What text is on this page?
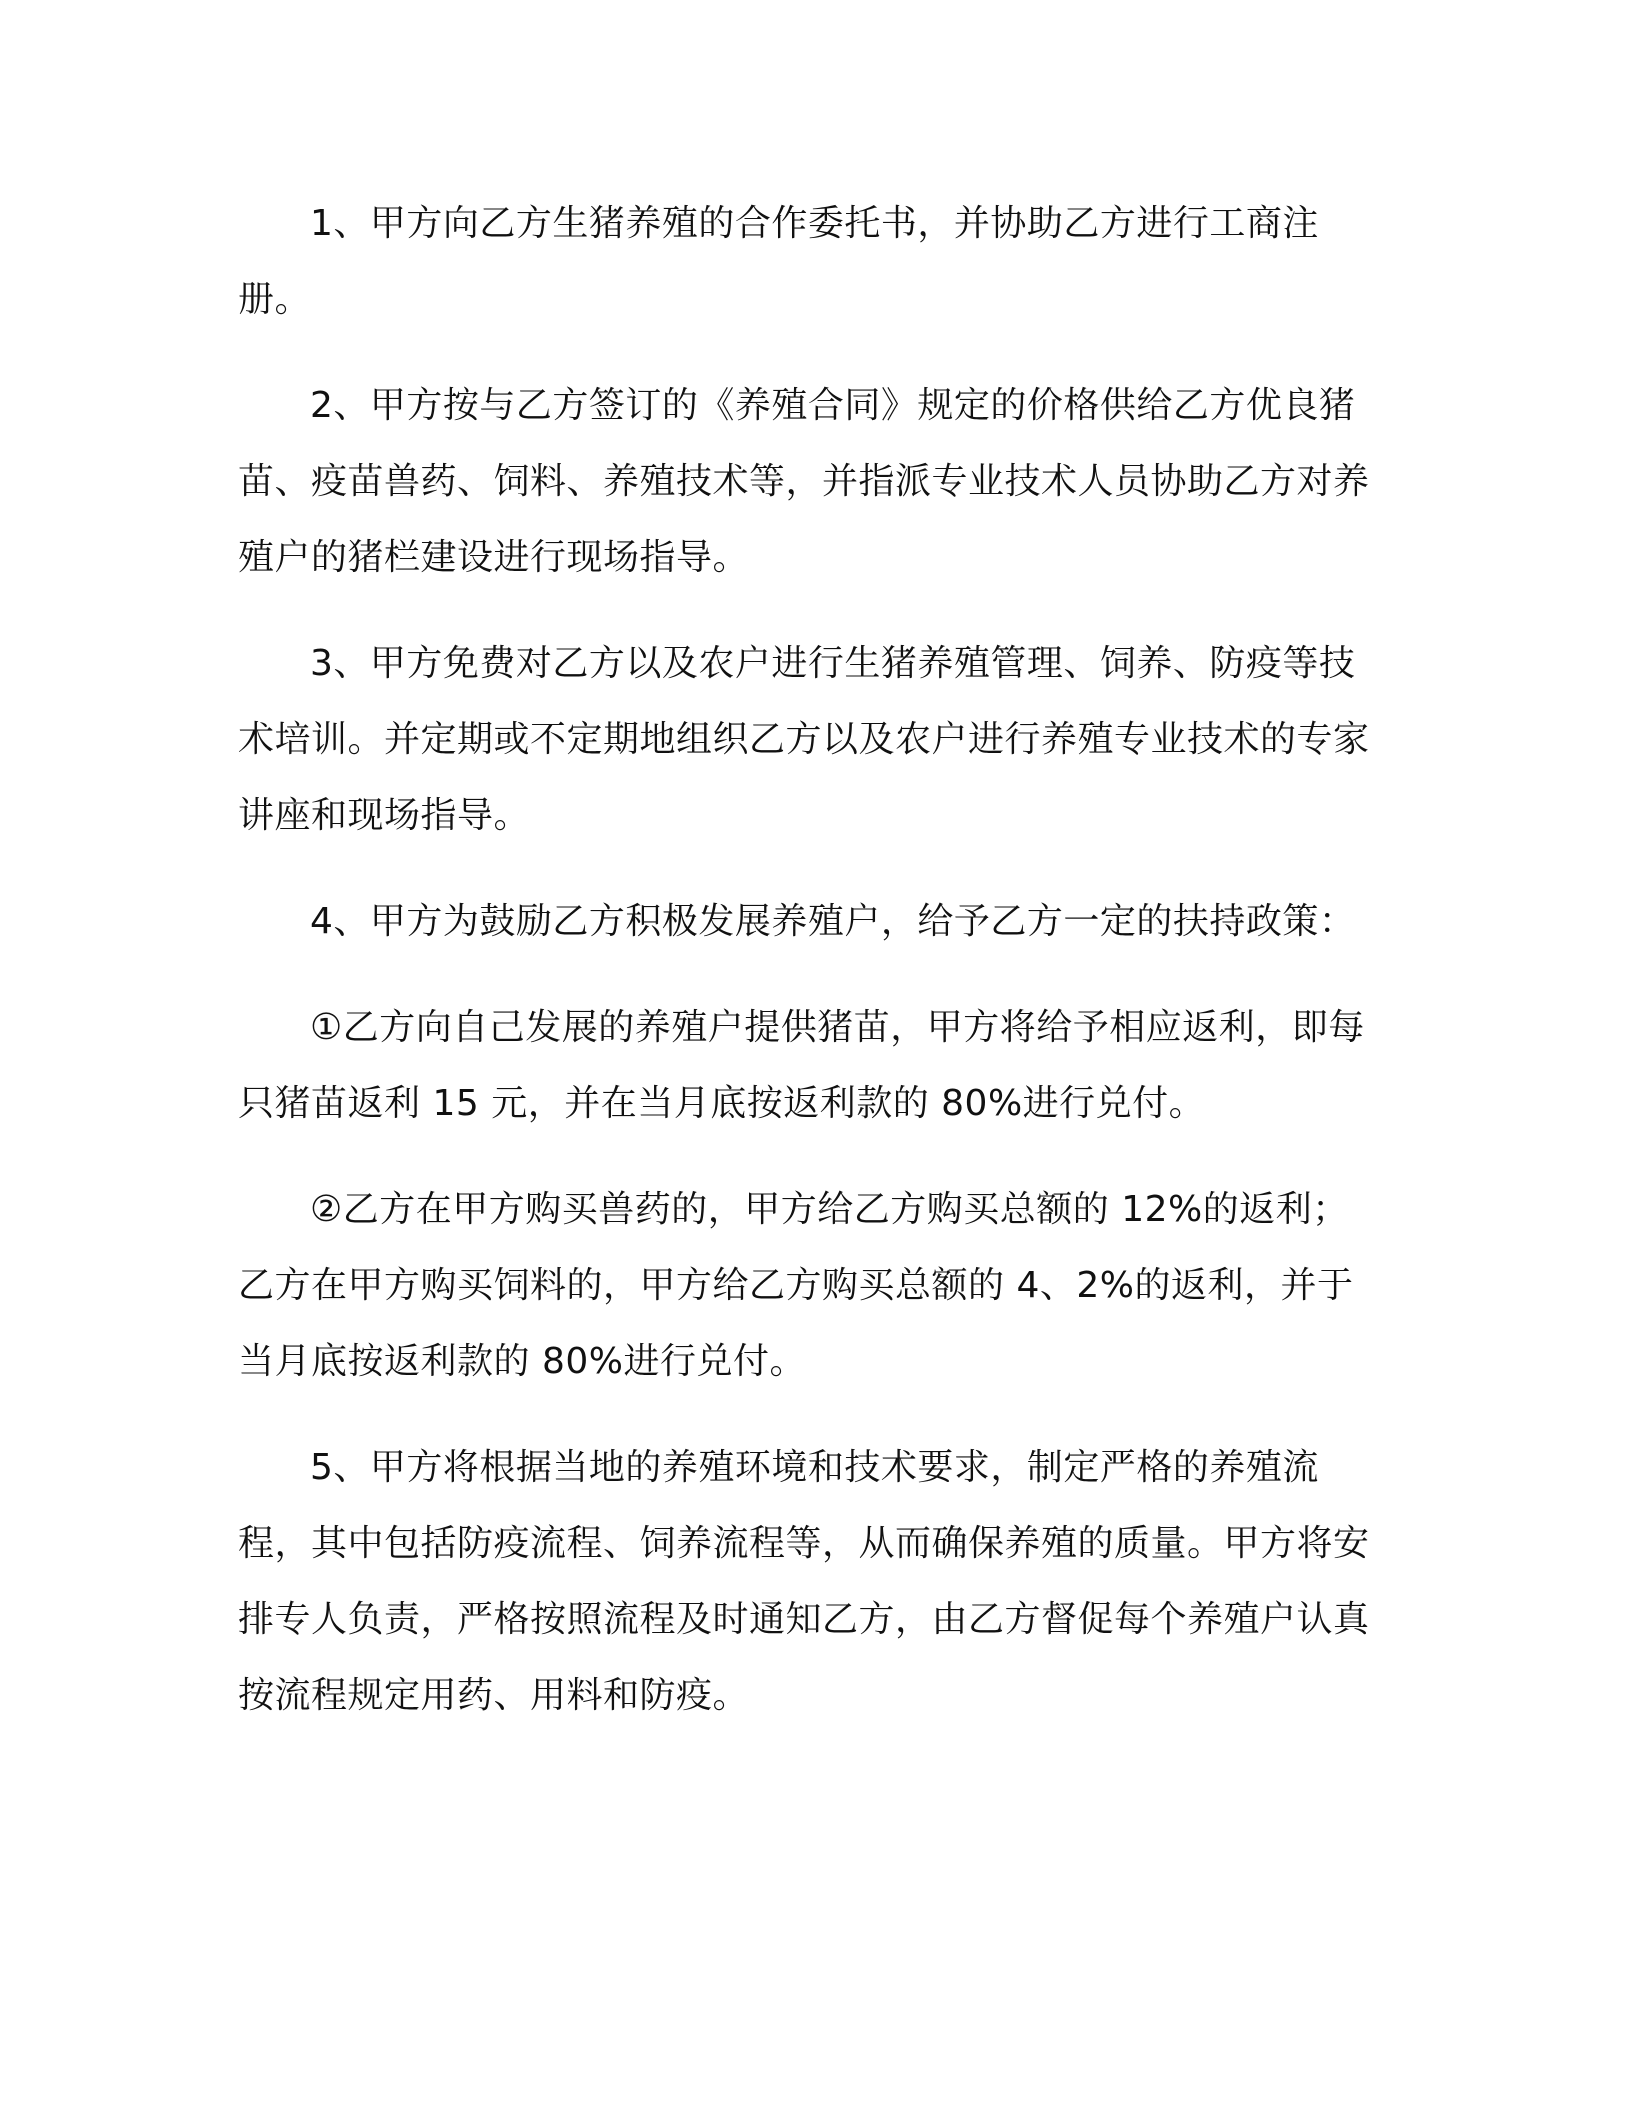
1、甲方向乙方生猪养殖的合作委托书，并协助乙方进行工商注册。

2、甲方按与乙方签订的《养殖合同》规定的价格供给乙方优良猪苗、疫苗兽药、饲料、养殖技术等，并指派专业技术人员协助乙方对养殖户的猪栏建设进行现场指导。

3、甲方免费对乙方以及农户进行生猪养殖管理、饲养、防疫等技术培训。并定期或不定期地组织乙方以及农户进行养殖专业技术的专家讲座和现场指导。

4、甲方为鼓励乙方积极发展养殖户，给予乙方一定的扶持政策：

①乙方向自己发展的养殖户提供猪苗，甲方将给予相应返利，即每只猪苗返利 15 元，并在当月底按返利款的 80%进行兑付。

②乙方在甲方购买兽药的，甲方给乙方购买总额的 12%的返利；乙方在甲方购买饲料的，甲方给乙方购买总额的 4、2%的返利，并于当月底按返利款的 80%进行兑付。

5、甲方将根据当地的养殖环境和技术要求，制定严格的养殖流程，其中包括防疫流程、饲养流程等，从而确保养殖的质量。甲方将安排专人负责，严格按照流程及时通知乙方，由乙方督促每个养殖户认真按流程规定用药、用料和防疫。
